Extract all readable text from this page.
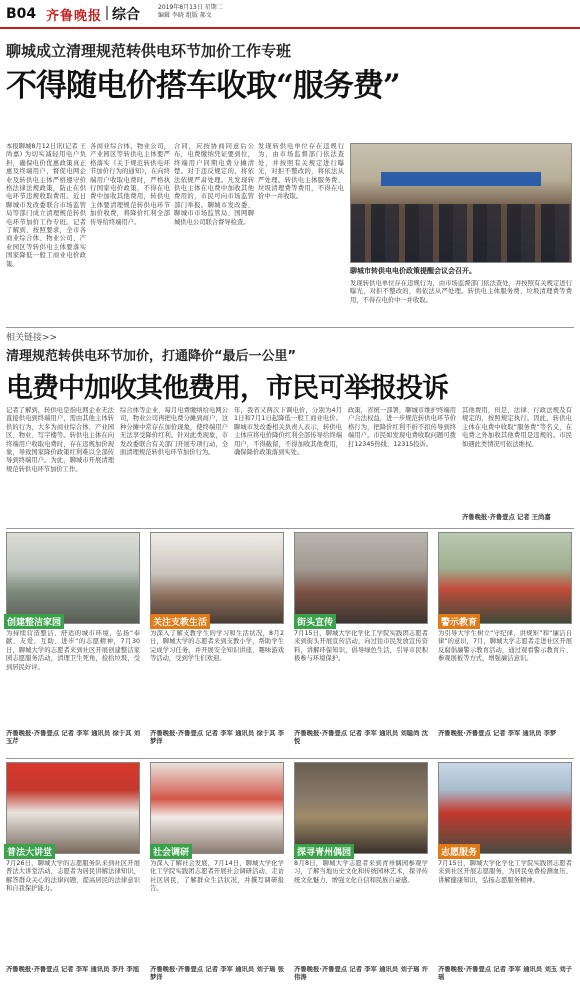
B04 齐鲁晚报 综合	2019年8月13日 星期二
编辑 李晓 组版 郝文
聊城成立清理规范转供电环节加价工作专班
不得随电价搭车收取“服务费”
本报聊城8月12日讯(记者 王尚嘉) 为切实减轻用电户负担，确保电价优惠政策真正惠及终端用户，督促电网企业及转供电主体严格遵守价格法律法规政策，防止在供电环节违规收取费用。近日聊城市发改委联合市场监管局等部门成立清理规范转供电环节加价工作专班。记者了解到，按照要求，全市各商业综合体、物业公司、产业园区等转供电主体要落实国家降低一般工商业电价政策。
各商业综合体，物业公司，产业园区等转供电主体要严格落实《关于规范转供电环节加价行为的通知》，在向终端用户收取电费时，严格执行国家电价政策，不得在电费中加收其他费用，转供电主体要清理规范转供电环节加价收费，将降价红利全部传导给终端用户。
合同，应按协商同意后公布，电费缴纳凭证要到位，终端用户同期电费分摊清楚。对于违反规定的，将依法依规严肃处理。凡发现转供电主体在电费中加收其他费用的，市民可向市场监管部门举报。聊城市发改委、聊城市市场监管局、国网聊城供电公司联合督导检查。
发现转供电单位存在违规行为，由市场监督部门依法查处，并按照有关规定进行曝光，对拒不整改的，将依法从严处理。转供电主体服务费、垃圾清理费等费用，不得在电价中一并收取。
聊城市转供电电价政策提醒会议会召开。
发现转供电单位存在违规行为，由市场监督部门依法查处，并按照有关规定进行曝光，对拒不整改的，将依法从严处理。转供电主体服务费、垃圾清理费等费用，不得在电价中一并收取。
相关链接>>
清理规范转供电环节加价，打通降价“最后一公里”
电费中加收其他费用，市民可举报投诉
记者了解到，转供电是指电网企业无法直接供电到终端用户，需由其他主体转供的行为，大多为商业综合体、产业园区、物业、写字楼等。转供电主体在向终端用户收取电费时，存在违规加价现象，导致国家降价政策红利难以全部传导到终端用户。为此，聊城市开展清理规范转供电环节加价工作。
综合体等企业，每月电费缴纳给电网公司，物业公司再把电费分摊到商户，这种分摊中常存在加价现象，使终端用户无法享受降价红利。针对此类现象，市发改委联合有关部门开展专项行动，全面清理规范转供电环节加价行为。
年，我省又两次下调电价，分别为4月1日和7月1日起降低一般工商业电价。聊城市发改委相关负责人表示，转供电主体应将电价降价红利全部传导给终端用户，不得截留，不得加收其他费用，确保降价政策落到实处。
政策，省统一部署，聊城市维护终端用户合法权益，进一步规范转供电环节价格行为，把降价红利不折不扣传导到终端用户。市民如发现电费收取问题可拨打12345热线、12315投诉。
其他费用，但是，法律、行政法规及有规定的，按照规定执行。因此，转供电主体在电费中收取“服务费”等名义，在电费之外加收其他费用是违规的。市民如遇此类情况可依法维权。
齐鲁晚报·齐鲁壹点 记者 王尚嘉
创建整洁家园
为持续营造整洁、舒适的城市环境，弘扬“奉献、友爱、互助、进步”的志愿精神，7月30日，聊城大学的志愿者来到社区开展创建整洁家园志愿服务活动，清理卫生死角，捡拾垃圾，受到居民好评。
齐鲁晚报·齐鲁壹点 记者 李军 通讯员 徐于其 刘玉芹
关注支教生活
为深入了解支教学生的学习和生活状况，8月2日，聊城大学的志愿者来到支教小学，帮助学生完成学习任务，并开展安全知识讲座、趣味游戏等活动，受到学生们欢迎。
齐鲁晚报·齐鲁壹点 记者 李军 通讯员 徐于其 李梦洋
街头宣传
7月15日，聊城大学化学化工学院实践团志愿者来到街头开展宣传活动，向过往市民发放宣传资料，讲解环保知识，倡导绿色生活，引导市民积极参与环境保护。
齐鲁晚报·齐鲁壹点 记者 李军 通讯员 刘聪尚 沈悦
警示教育
为引导大学生树立“守纪律、讲规矩”和“廉洁自律”的意识，7月，聊城大学志愿者走进社区开展反腐倡廉警示教育活动，通过观看警示教育片、参观展板等方式，增强廉洁意识。
齐鲁晚报·齐鲁壹点 记者 李军 通讯员 李梦
普法大讲堂
7月26日，聊城大学的志愿服务队来到社区开展普法大讲堂活动，志愿者为居民讲解法律知识，解答群众关心的法律问题，提高居民的法律意识和自我保护能力。
齐鲁晚报·齐鲁壹点 记者 李军 通讯员 李丹 李旭
社会调研
为深入了解社会发展，7月14日，聊城大学化学化工学院实践团志愿者开展社会调研活动，走访社区居民，了解群众生活状况，并撰写调研报告。
齐鲁晚报·齐鲁壹点 记者 李军 通讯员 刘子瑶 张梦洋
探寻青州偶园
8月8日，聊城大学志愿者来到青州偶园参观学习，了解当地历史文化和传统园林艺术，探寻传统文化魅力，增强文化自信和民族自豪感。
齐鲁晚报·齐鲁壹点 记者 李军 通讯员 刘子瑶 许伟涛
志愿服务
7月15日，聊城大学化学化工学院实践团志愿者来到社区开展志愿服务，为居民免费检测血压、讲解健康知识，弘扬志愿服务精神。
齐鲁晚报·齐鲁壹点 记者 李军 通讯员 刘玉 刘子瑶
